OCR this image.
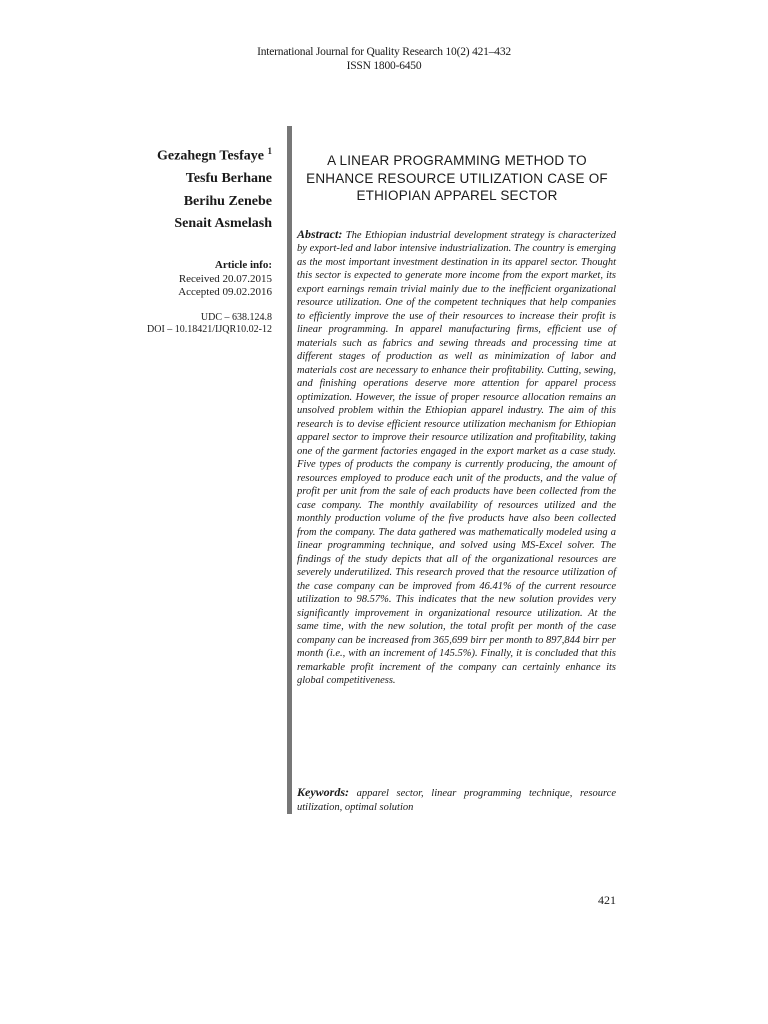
International Journal for Quality Research 10(2) 421–432
ISSN 1800-6450
Gezahegn Tesfaye $^1$
Tesfu Berhane
Berihu Zenebe
Senait Asmelash
Article info:
Received 20.07.2015
Accepted 09.02.2016
UDC – 638.124.8
DOI – 10.18421/IJQR10.02-12
A LINEAR PROGRAMMING METHOD TO ENHANCE RESOURCE UTILIZATION CASE OF ETHIOPIAN APPAREL SECTOR
Abstract: The Ethiopian industrial development strategy is characterized by export-led and labor intensive industrialization. The country is emerging as the most important investment destination in its apparel sector. Thought this sector is expected to generate more income from the export market, its export earnings remain trivial mainly due to the inefficient organizational resource utilization. One of the competent techniques that help companies to efficiently improve the use of their resources to increase their profit is linear programming. In apparel manufacturing firms, efficient use of materials such as fabrics and sewing threads and processing time at different stages of production as well as minimization of labor and materials cost are necessary to enhance their profitability. Cutting, sewing, and finishing operations deserve more attention for apparel process optimization. However, the issue of proper resource allocation remains an unsolved problem within the Ethiopian apparel industry. The aim of this research is to devise efficient resource utilization mechanism for Ethiopian apparel sector to improve their resource utilization and profitability, taking one of the garment factories engaged in the export market as a case study. Five types of products the company is currently producing, the amount of resources employed to produce each unit of the products, and the value of profit per unit from the sale of each products have been collected from the case company. The monthly availability of resources utilized and the monthly production volume of the five products have also been collected from the company. The data gathered was mathematically modeled using a linear programming technique, and solved using MS-Excel solver. The findings of the study depicts that all of the organizational resources are severely underutilized. This research proved that the resource utilization of the case company can be improved from 46.41% of the current resource utilization to 98.57%. This indicates that the new solution provides very significantly improvement in organizational resource utilization. At the same time, with the new solution, the total profit per month of the case company can be increased from 365,699 birr per month to 897,844 birr per month (i.e., with an increment of 145.5%). Finally, it is concluded that this remarkable profit increment of the company can certainly enhance its global competitiveness.
Keywords: apparel sector, linear programming technique, resource utilization, optimal solution
421
